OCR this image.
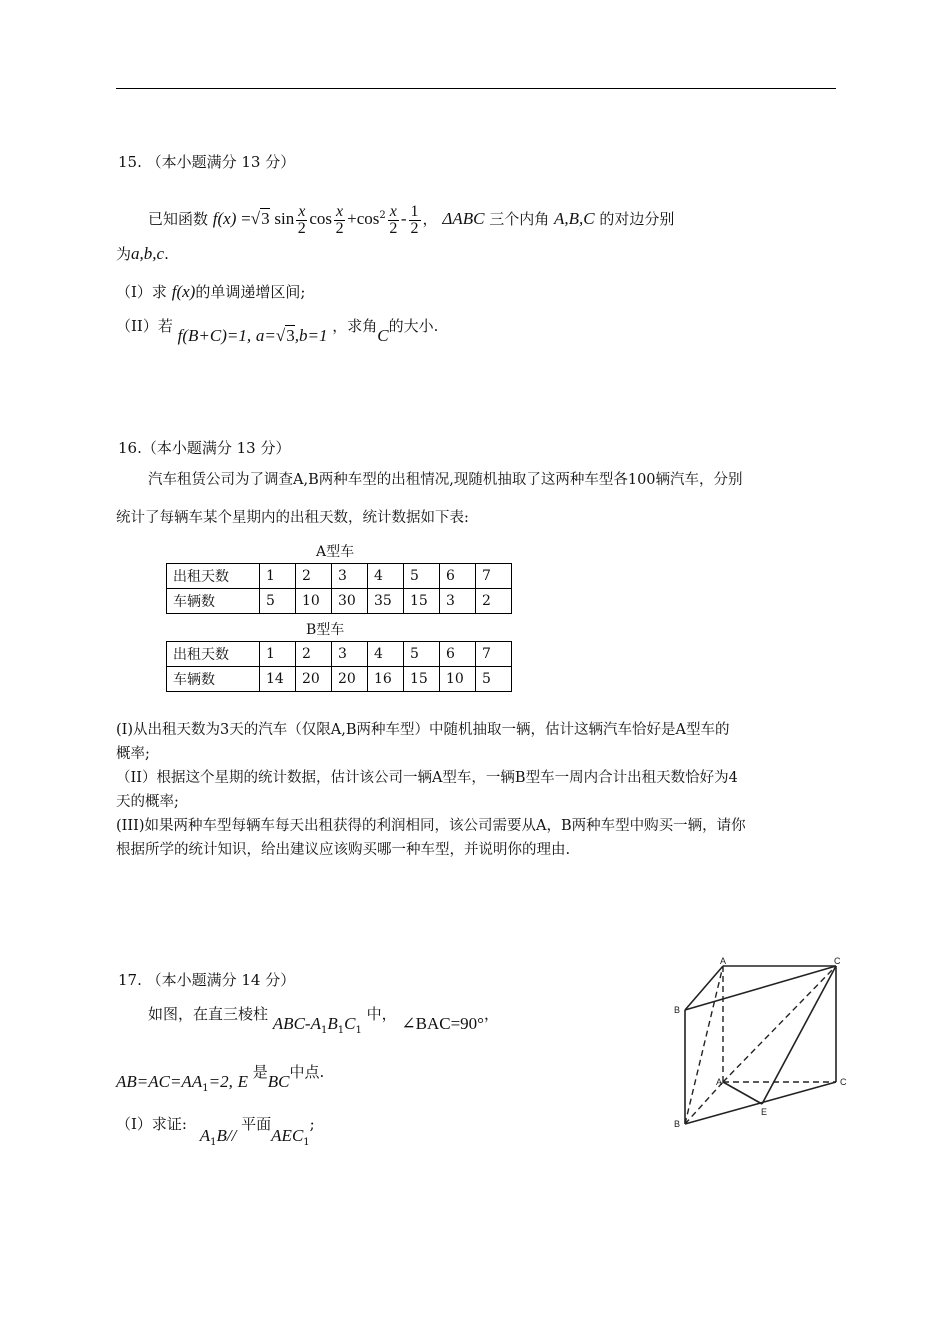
15. （本小题满分 13 分）
已知函数 f(x) =√3 $\sin \frac{x}{2}$ $\cos \frac{x}{2} +\cos^2 \frac{x}{2} - \frac{1}{2}$ ， ΔABC 三个内角 A,B,C 的对边分别
为a,b,c.
（I）求 f(x)的单调递增区间;
（II）若 f(B+C)=1, a=√3,b=1 ，求角C的大小.
16.（本小题满分 13 分）
汽车租赁公司为了调查A,B两种车型的出租情况,现随机抽取了这两种车型各100辆汽车，分别
统计了每辆车某个星期内的出租天数，统计数据如下表:
A型车
出租天数	1	2	3	4	5	6	7
车辆数	5	10	30	35	15	3	2
B型车
出租天数	1	2	3	4	5	6	7
车辆数	14	20	20	16	15	10	5
(I)从出租天数为3天的汽车（仅限A,B两种车型）中随机抽取一辆，估计这辆汽车恰好是A型车的
概率;
（II）根据这个星期的统计数据，估计该公司一辆A型车，一辆B型车一周内合计出租天数恰好为4
天的概率;
(III)如果两种车型每辆车每天出租获得的利润相同，该公司需要从A，B两种车型中购买一辆，请你
根据所学的统计知识，给出建议应该购买哪一种车型，并说明你的理由.
17. （本小题满分 14 分）
如图，在直三棱柱 ABC-$A_1B_1C_1$ 中， ∠BAC=90°，
$AB=AC=AA_1=2$, E 是BC中点.
（I）求证: $A_1B//$ 平面$AEC_1$;
A	C
B
A	C
B
E
